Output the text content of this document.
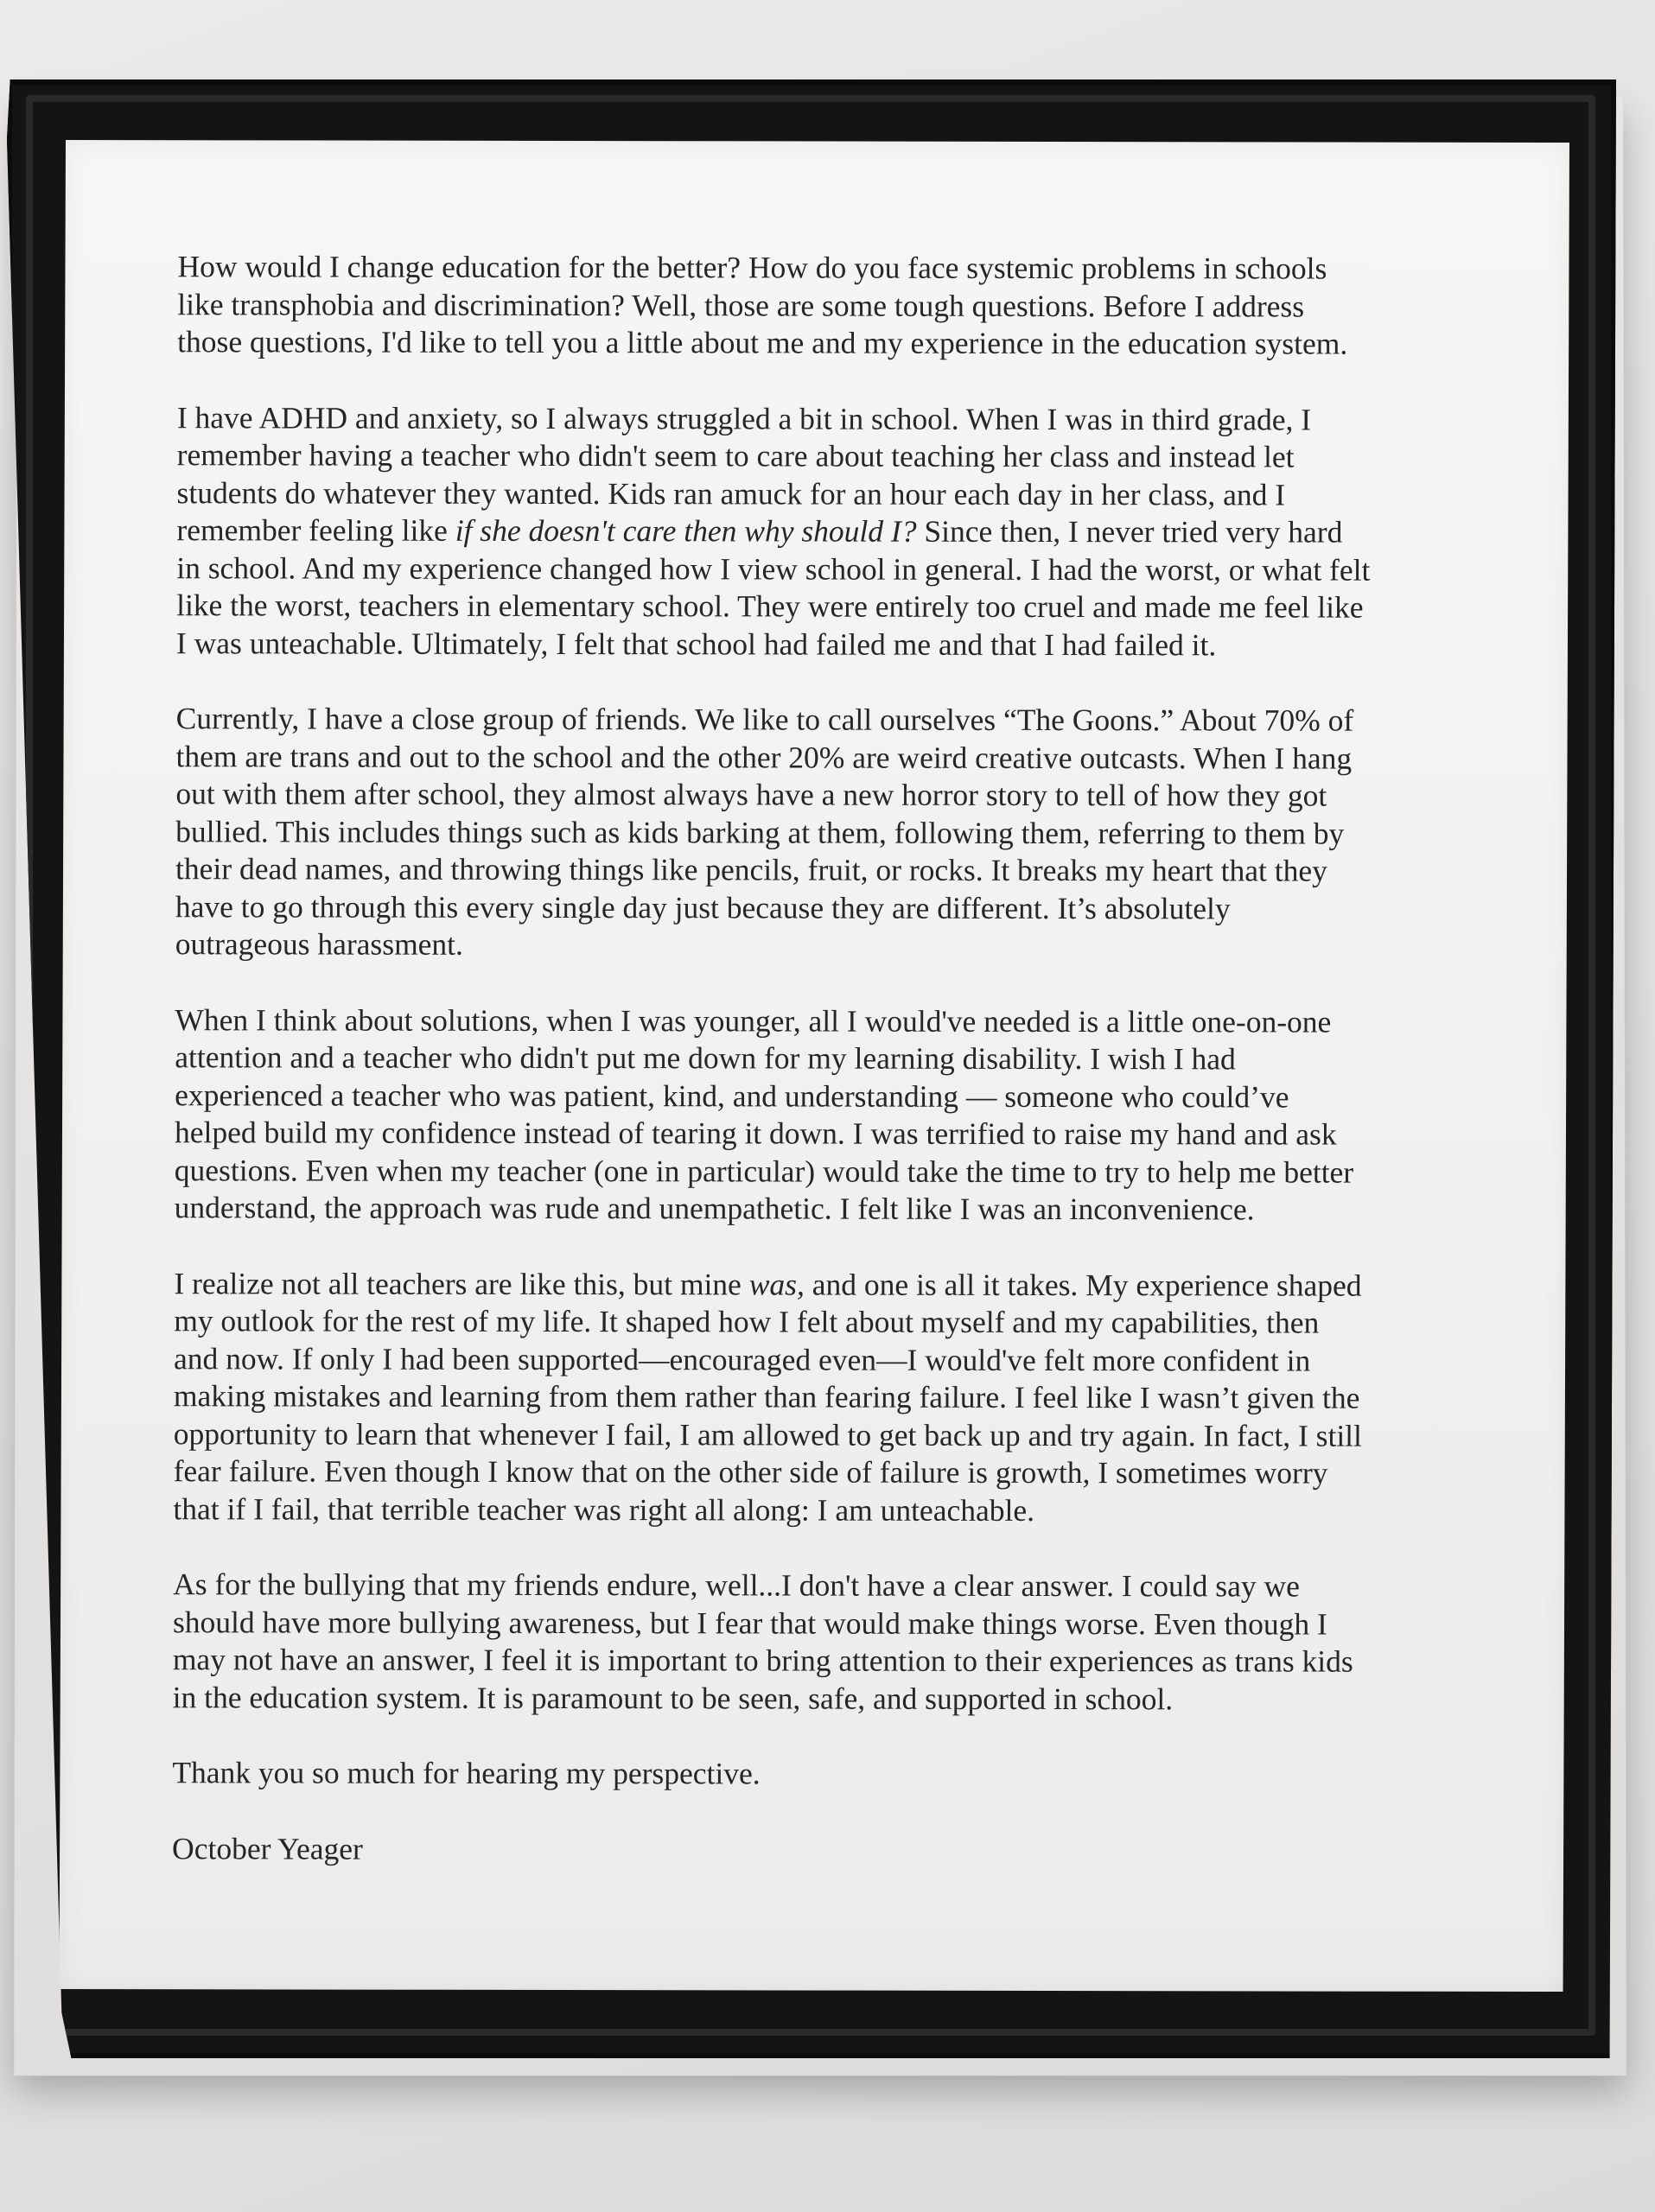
How would I change education for the better? How do you face systemic problems in schools
like transphobia and discrimination? Well, those are some tough questions. Before I address
those questions, I'd like to tell you a little about me and my experience in the education system.

I have ADHD and anxiety, so I always struggled a bit in school. When I was in third grade, I
remember having a teacher who didn't seem to care about teaching her class and instead let
students do whatever they wanted. Kids ran amuck for an hour each day in her class, and I
remember feeling like if she doesn't care then why should I? Since then, I never tried very hard
in school. And my experience changed how I view school in general. I had the worst, or what felt
like the worst, teachers in elementary school. They were entirely too cruel and made me feel like
I was unteachable. Ultimately, I felt that school had failed me and that I had failed it.

Currently, I have a close group of friends. We like to call ourselves “The Goons.” About 70% of
them are trans and out to the school and the other 20% are weird creative outcasts. When I hang
out with them after school, they almost always have a new horror story to tell of how they got
bullied. This includes things such as kids barking at them, following them, referring to them by
their dead names, and throwing things like pencils, fruit, or rocks. It breaks my heart that they
have to go through this every single day just because they are different. It’s absolutely
outrageous harassment.

When I think about solutions, when I was younger, all I would've needed is a little one-on-one
attention and a teacher who didn't put me down for my learning disability. I wish I had
experienced a teacher who was patient, kind, and understanding — someone who could’ve
helped build my confidence instead of tearing it down. I was terrified to raise my hand and ask
questions. Even when my teacher (one in particular) would take the time to try to help me better
understand, the approach was rude and unempathetic. I felt like I was an inconvenience.

I realize not all teachers are like this, but mine was, and one is all it takes. My experience shaped
my outlook for the rest of my life. It shaped how I felt about myself and my capabilities, then
and now. If only I had been supported—encouraged even—I would've felt more confident in
making mistakes and learning from them rather than fearing failure. I feel like I wasn’t given the
opportunity to learn that whenever I fail, I am allowed to get back up and try again. In fact, I still
fear failure. Even though I know that on the other side of failure is growth, I sometimes worry
that if I fail, that terrible teacher was right all along: I am unteachable.

As for the bullying that my friends endure, well...I don't have a clear answer. I could say we
should have more bullying awareness, but I fear that would make things worse. Even though I
may not have an answer, I feel it is important to bring attention to their experiences as trans kids
in the education system. It is paramount to be seen, safe, and supported in school.

Thank you so much for hearing my perspective.

October Yeager
